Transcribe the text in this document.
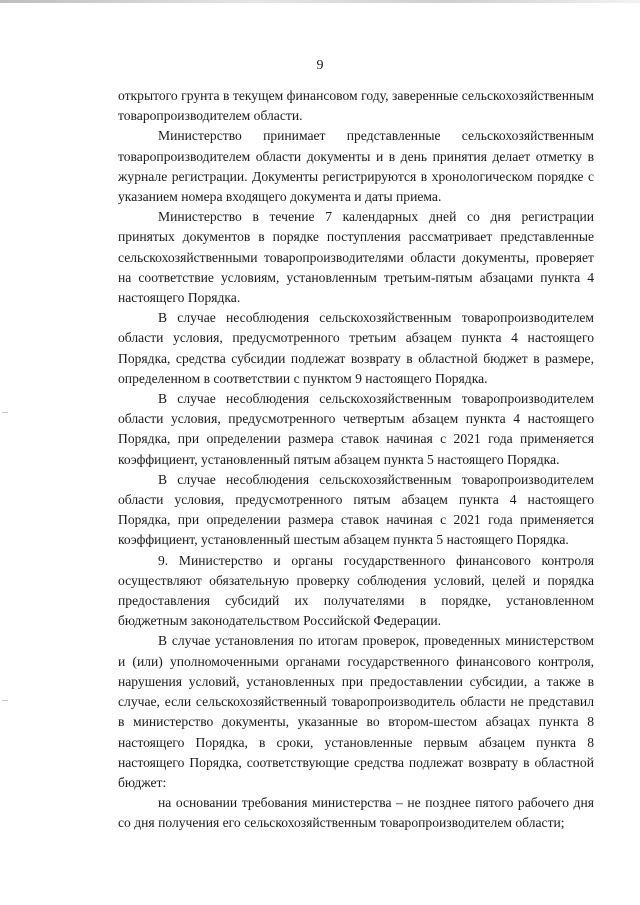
9

открытого грунта в текущем финансовом году, заверенные сельскохозяйственным товаропроизводителем области.

Министерство принимает представленные сельскохозяйственным товаропроизводителем области документы и в день принятия делает отметку в журнале регистрации. Документы регистрируются в хронологическом порядке с указанием номера входящего документа и даты приема.

Министерство в течение 7 календарных дней со дня регистрации принятых документов в порядке поступления рассматривает представленные сельскохозяйственными товаропроизводителями области документы, проверяет на соответствие условиям, установленным третьим-пятым абзацами пункта 4 настоящего Порядка.

В случае несоблюдения сельскохозяйственным товаропроизводителем области условия, предусмотренного третьим абзацем пункта 4 настоящего Порядка, средства субсидии подлежат возврату в областной бюджет в размере, определенном в соответствии с пунктом 9 настоящего Порядка.

В случае несоблюдения сельскохозяйственным товаропроизводителем области условия, предусмотренного четвертым абзацем пункта 4 настоящего Порядка, при определении размера ставок начиная с 2021 года применяется коэффициент, установленный пятым абзацем пункта 5 настоящего Порядка.

В случае несоблюдения сельскохозяйственным товаропроизводителем области условия, предусмотренного пятым абзацем пункта 4 настоящего Порядка, при определении размера ставок начиная с 2021 года применяется коэффициент, установленный шестым абзацем пункта 5 настоящего Порядка.

9. Министерство и органы государственного финансового контроля осуществляют обязательную проверку соблюдения условий, целей и порядка предоставления субсидий их получателями в порядке, установленном бюджетным законодательством Российской Федерации.

В случае установления по итогам проверок, проведенных министерством и (или) уполномоченными органами государственного финансового контроля, нарушения условий, установленных при предоставлении субсидии, а также в случае, если сельскохозяйственный товаропроизводитель области не представил в министерство документы, указанные во втором-шестом абзацах пункта 8 настоящего Порядка, в сроки, установленные первым абзацем пункта 8 настоящего Порядка, соответствующие средства подлежат возврату в областной бюджет:

на основании требования министерства – не позднее пятого рабочего дня со дня получения его сельскохозяйственным товаропроизводителем области;
